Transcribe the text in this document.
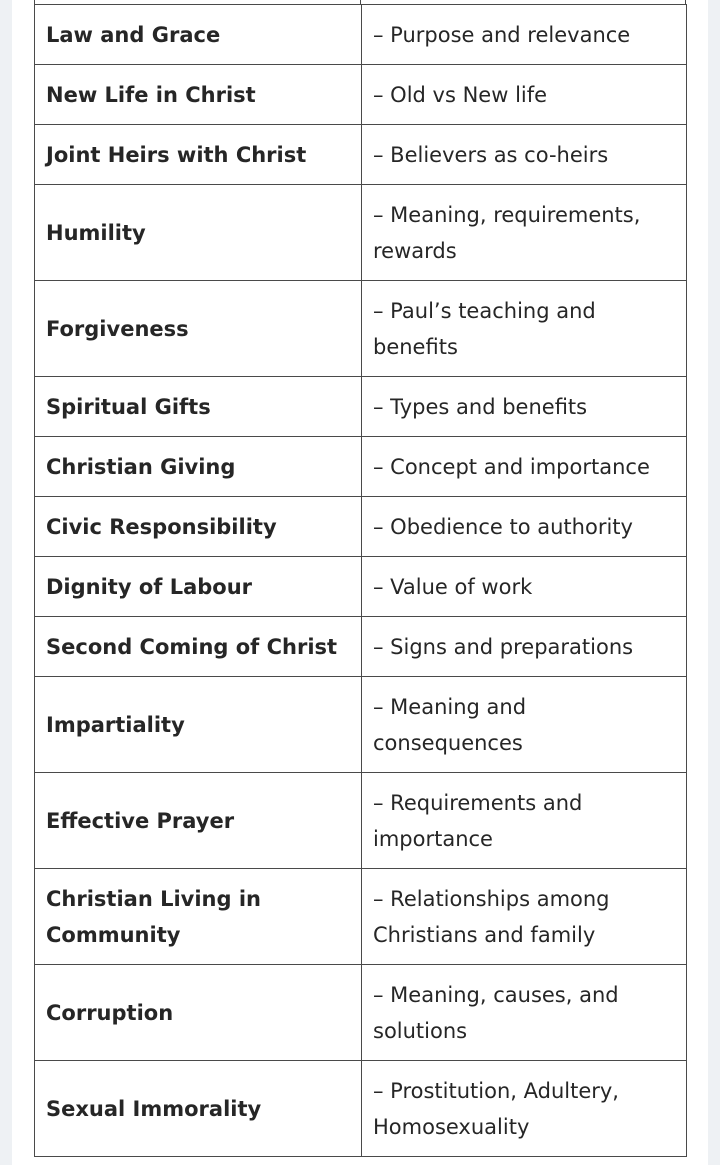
Law and Grace	– Purpose and relevance
New Life in Christ	– Old vs New life
Joint Heirs with Christ	– Believers as co-heirs
Humility	– Meaning, requirements, rewards
Forgiveness	– Paul’s teaching and benefits
Spiritual Gifts	– Types and benefits
Christian Giving	– Concept and importance
Civic Responsibility	– Obedience to authority
Dignity of Labour	– Value of work
Second Coming of Christ	– Signs and preparations
Impartiality	– Meaning and consequences
Effective Prayer	– Requirements and importance
Christian Living in Community	– Relationships among Christians and family
Corruption	– Meaning, causes, and solutions
Sexual Immorality	– Prostitution, Adultery, Homosexuality
